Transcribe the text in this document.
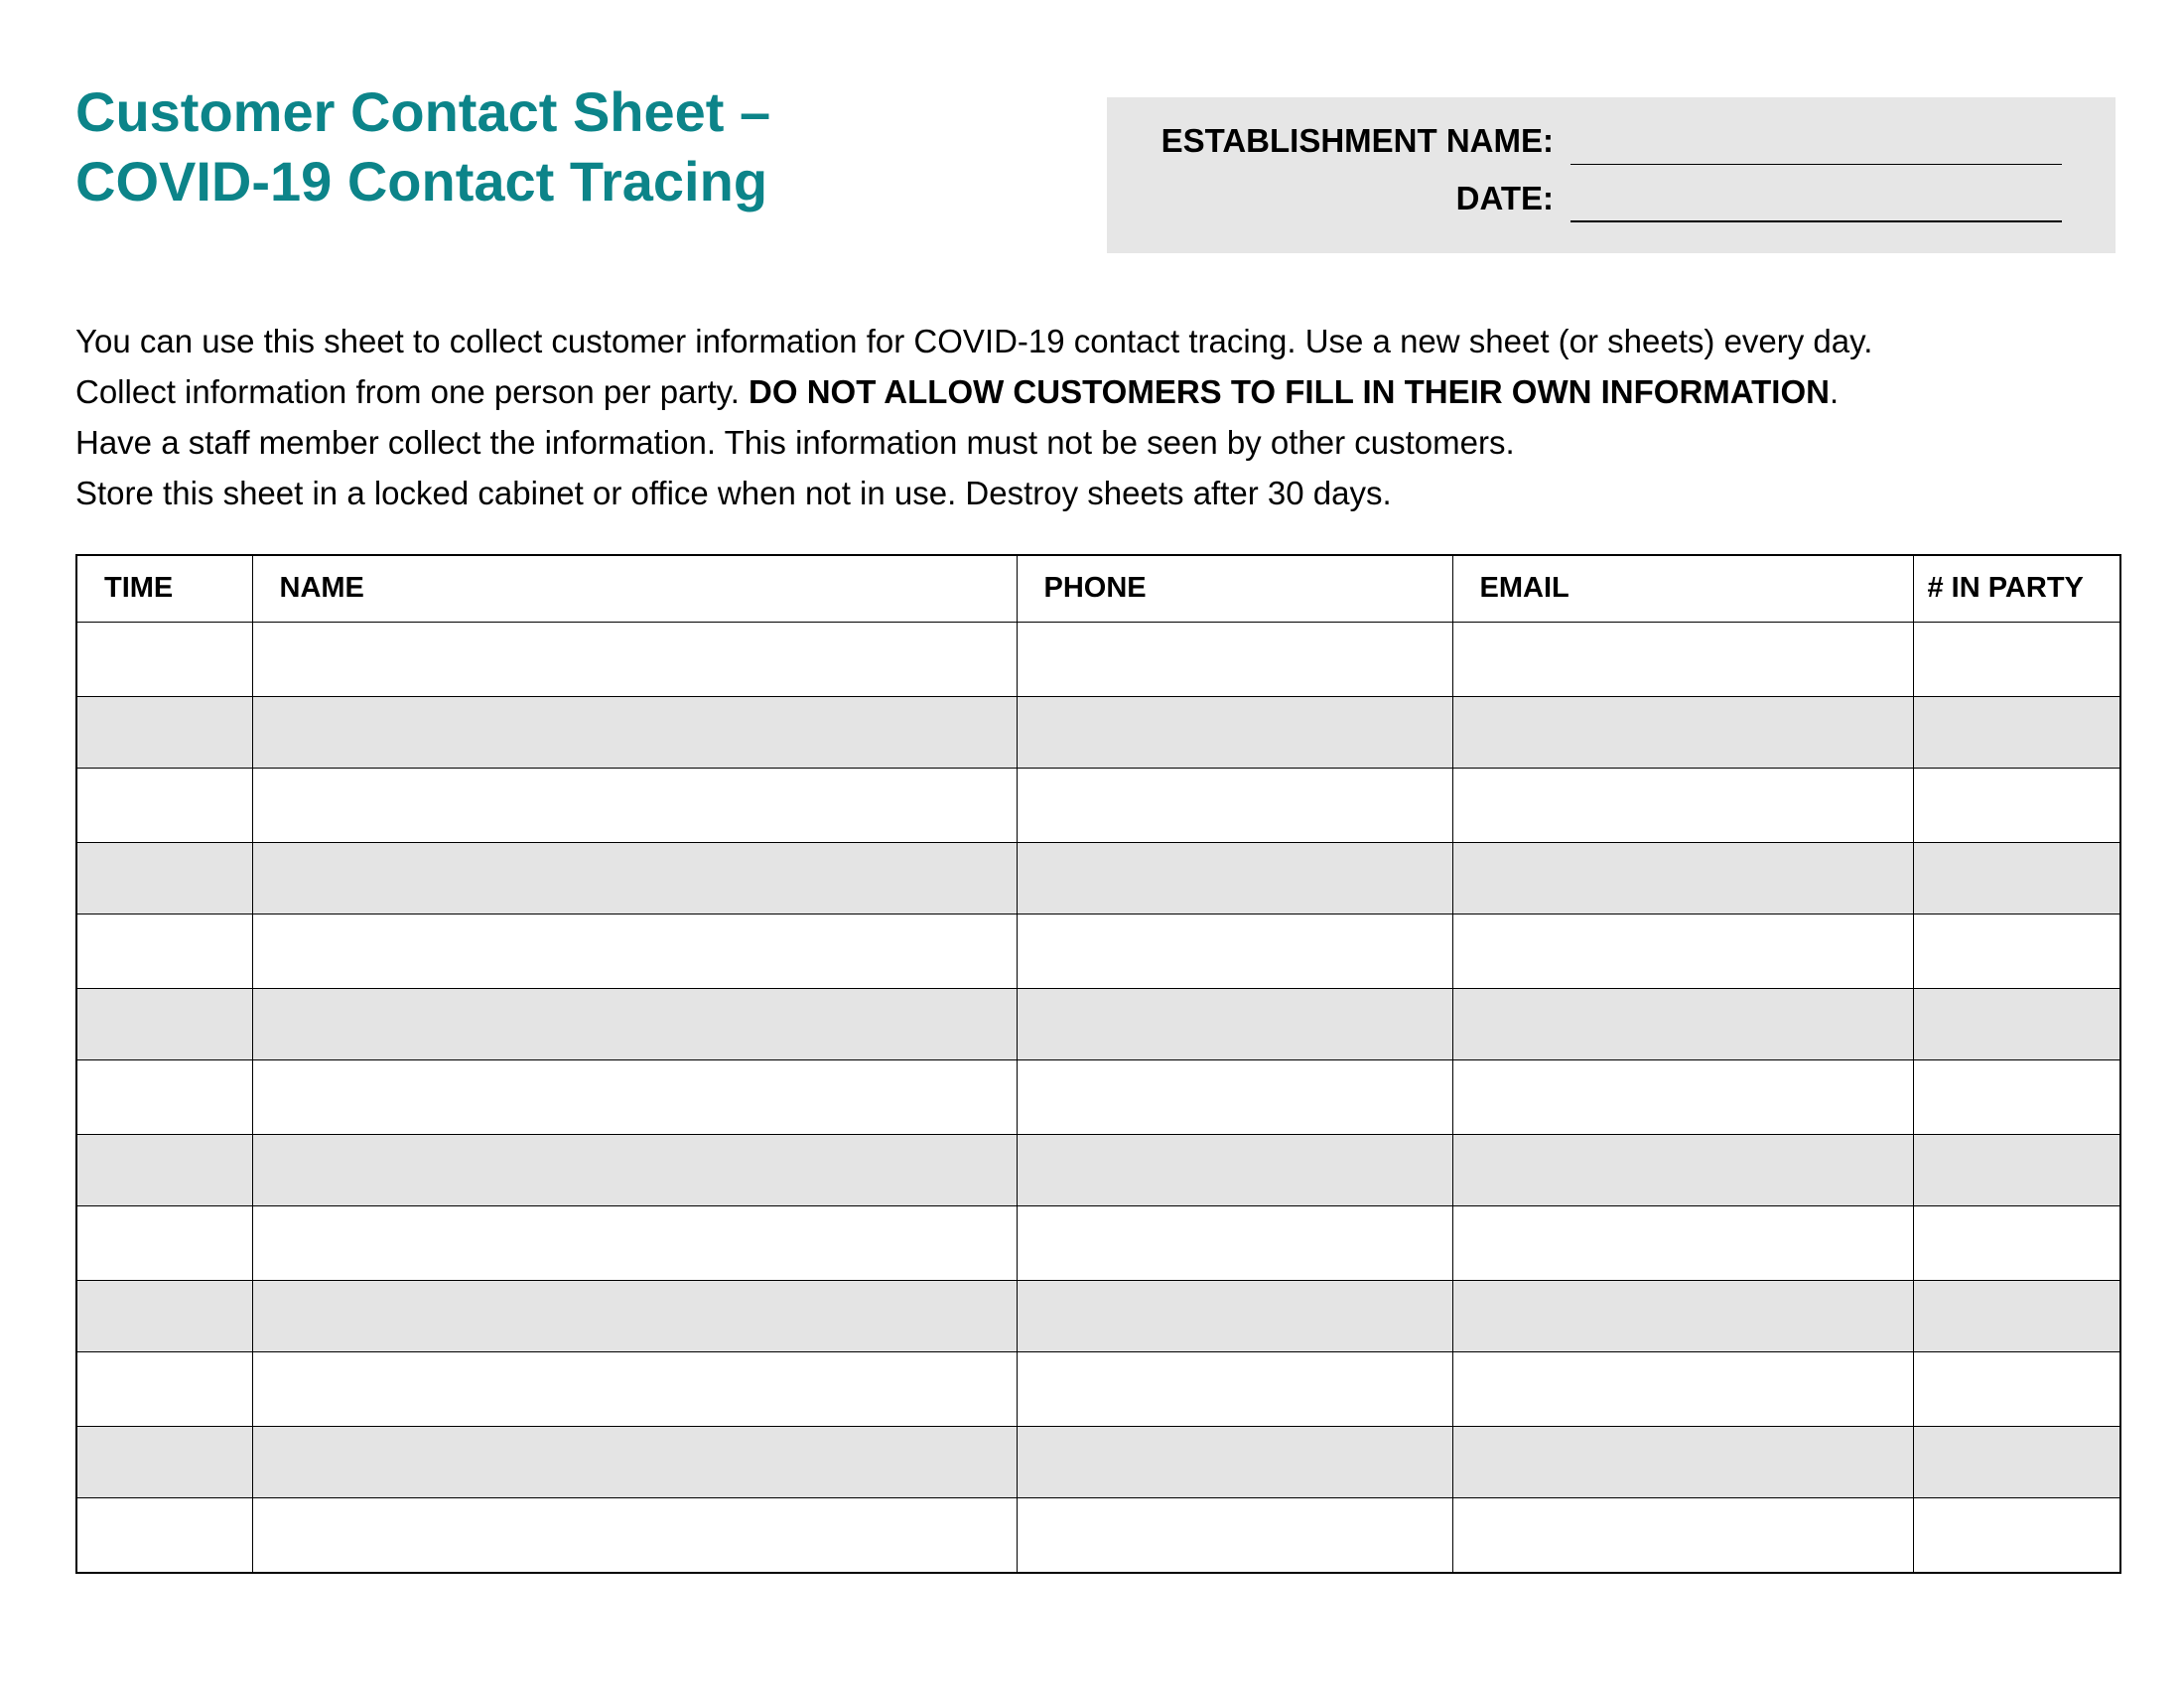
Customer Contact Sheet –
COVID-19 Contact Tracing
ESTABLISHMENT NAME:
DATE:

You can use this sheet to collect customer information for COVID-19 contact tracing. Use a new sheet (or sheets) every day.

Collect information from one person per party. DO NOT ALLOW CUSTOMERS TO FILL IN THEIR OWN INFORMATION.

Have a staff member collect the information. This information must not be seen by other customers.

Store this sheet in a locked cabinet or office when not in use. Destroy sheets after 30 days.

TIME	NAME	PHONE	EMAIL	# IN PARTY
